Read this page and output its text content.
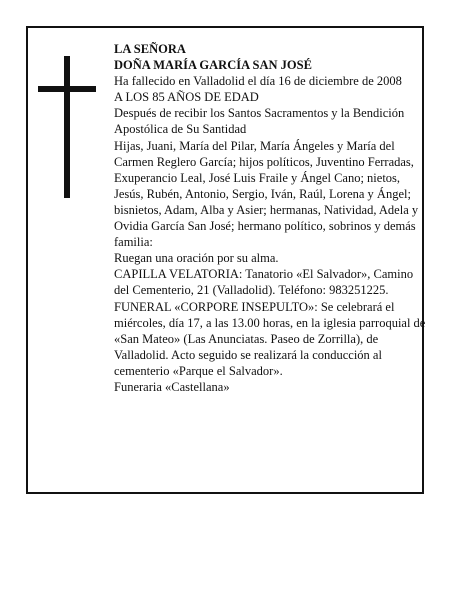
LA SEÑORA

DOÑA MARÍA GARCÍA SAN JOSÉ

Ha fallecido en Valladolid el día 16 de diciembre de 2008

A LOS 85 AÑOS DE EDAD

Después de recibir los Santos Sacramentos y la Bendición Apostólica de Su Santidad

Hijas, Juani, María del Pilar, María Ángeles y María del Carmen Reglero García; hijos políticos, Juventino Ferradas, Exuperancio Leal, José Luis Fraile y Ángel Cano; nietos, Jesús, Rubén, Antonio, Sergio, Iván, Raúl, Lorena y Ángel; bisnietos, Adam, Alba y Asier; hermanas, Natividad, Adela y Ovidia García San José; hermano político, sobrinos y demás familia:

Ruegan una oración por su alma.

CAPILLA VELATORIA: Tanatorio «El Salvador», Camino del Cementerio, 21 (Valladolid). Teléfono: 983251225.

FUNERAL «CORPORE INSEPULTO»: Se celebrará el miércoles, día 17, a las 13.00 horas, en la iglesia parroquial de «San Mateo» (Las Anunciatas. Paseo de Zorrilla), de Valladolid. Acto seguido se realizará la conducción al cementerio «Parque el Salvador».

Funeraria «Castellana»
